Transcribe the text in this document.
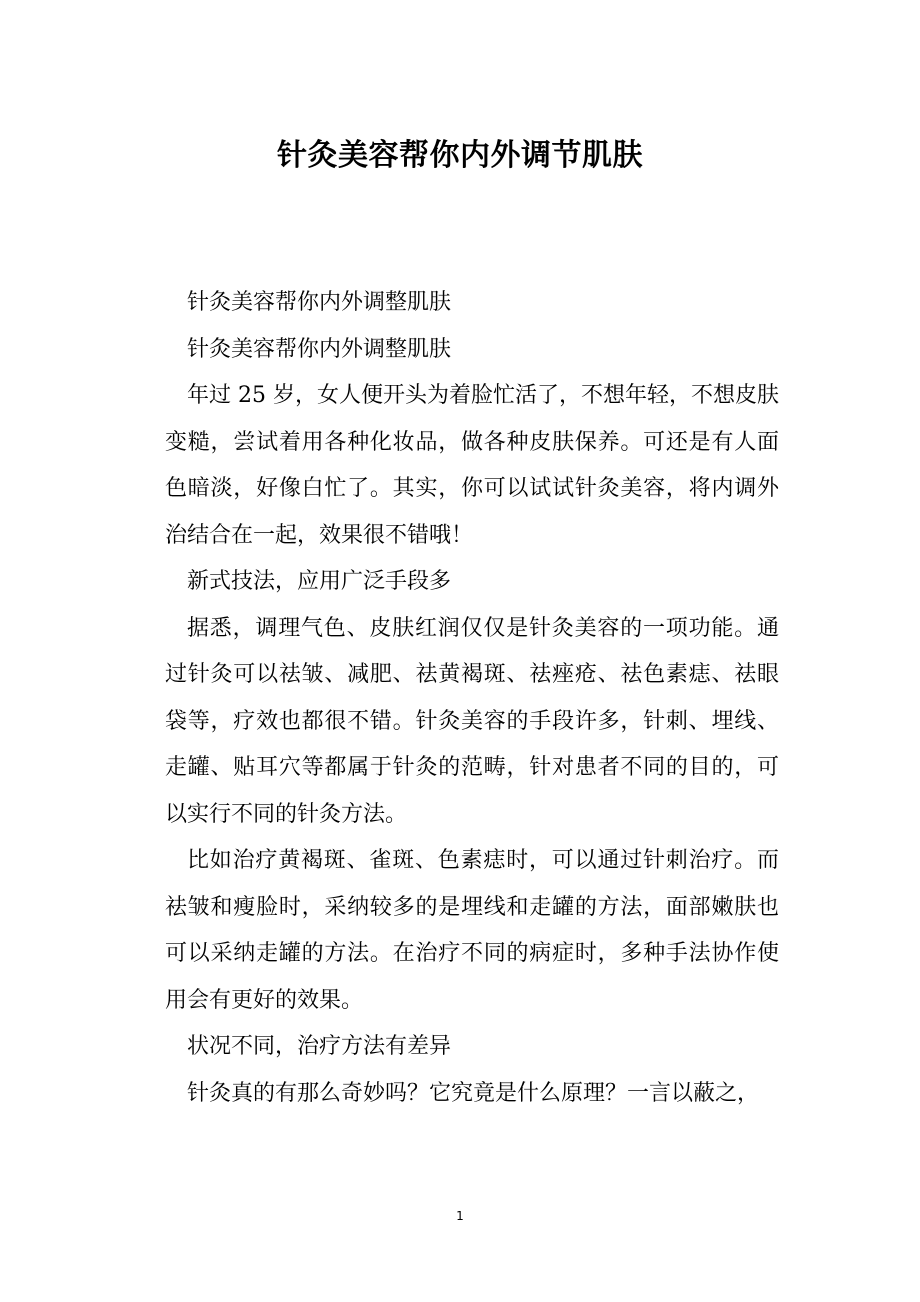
针灸美容帮你内外调节肌肤

针灸美容帮你内外调整肌肤

针灸美容帮你内外调整肌肤

年过 25 岁，女人便开头为着脸忙活了，不想年轻，不想皮肤变糙，尝试着用各种化妆品，做各种皮肤保养。可还是有人面色暗淡，好像白忙了。其实，你可以试试针灸美容，将内调外治结合在一起，效果很不错哦！

新式技法，应用广泛手段多

据悉，调理气色、皮肤红润仅仅是针灸美容的一项功能。通过针灸可以祛皱、减肥、祛黄褐斑、祛痤疮、祛色素痣、祛眼袋等，疗效也都很不错。针灸美容的手段许多，针刺、埋线、走罐、贴耳穴等都属于针灸的范畴，针对患者不同的目的，可以实行不同的针灸方法。

比如治疗黄褐斑、雀斑、色素痣时，可以通过针刺治疗。而祛皱和瘦脸时，采纳较多的是埋线和走罐的方法，面部嫩肤也可以采纳走罐的方法。在治疗不同的病症时，多种手法协作使用会有更好的效果。

状况不同，治疗方法有差异

针灸真的有那么奇妙吗？它究竟是什么原理？一言以蔽之，

1
